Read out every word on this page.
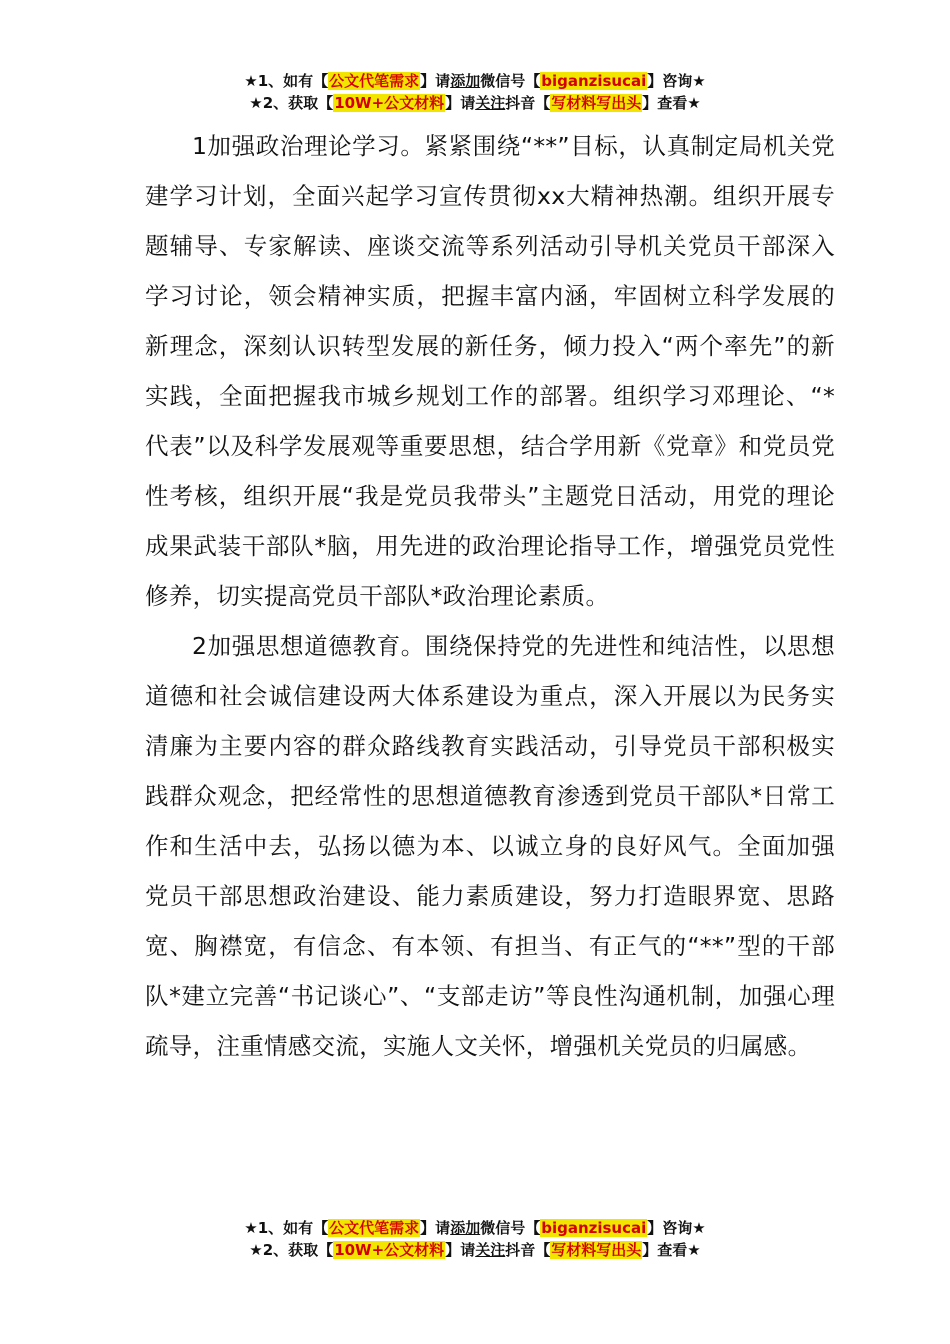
★1、如有【公文代笔需求】请添加微信号【biganzisucai】咨询★
★2、获取【10W+公文材料】请关注抖音【写材料写出头】查看★

1加强政治理论学习。紧紧围绕“**”目标，认真制定局机关党建学习计划，全面兴起学习宣传贯彻xx大精神热潮。组织开展专题辅导、专家解读、座谈交流等系列活动引导机关党员干部深入学习讨论，领会精神实质，把握丰富内涵，牢固树立科学发展的新理念，深刻认识转型发展的新任务，倾力投入“两个率先”的新实践，全面把握我市城乡规划工作的部署。组织学习邓理论、“*代表”以及科学发展观等重要思想，结合学用新《党章》和党员党性考核，组织开展“我是党员我带头”主题党日活动，用党的理论成果武装干部队*脑，用先进的政治理论指导工作，增强党员党性修养，切实提高党员干部队*政治理论素质。

2加强思想道德教育。围绕保持党的先进性和纯洁性，以思想道德和社会诚信建设两大体系建设为重点，深入开展以为民务实清廉为主要内容的群众路线教育实践活动，引导党员干部积极实践群众观念，把经常性的思想道德教育渗透到党员干部队*日常工作和生活中去，弘扬以德为本、以诚立身的良好风气。全面加强党员干部思想政治建设、能力素质建设，努力打造眼界宽、思路宽、胸襟宽，有信念、有本领、有担当、有正气的“**”型的干部队*建立完善“书记谈心”、“支部走访”等良性沟通机制，加强心理疏导，注重情感交流，实施人文关怀，增强机关党员的归属感。

★1、如有【公文代笔需求】请添加微信号【biganzisucai】咨询★
★2、获取【10W+公文材料】请关注抖音【写材料写出头】查看★
